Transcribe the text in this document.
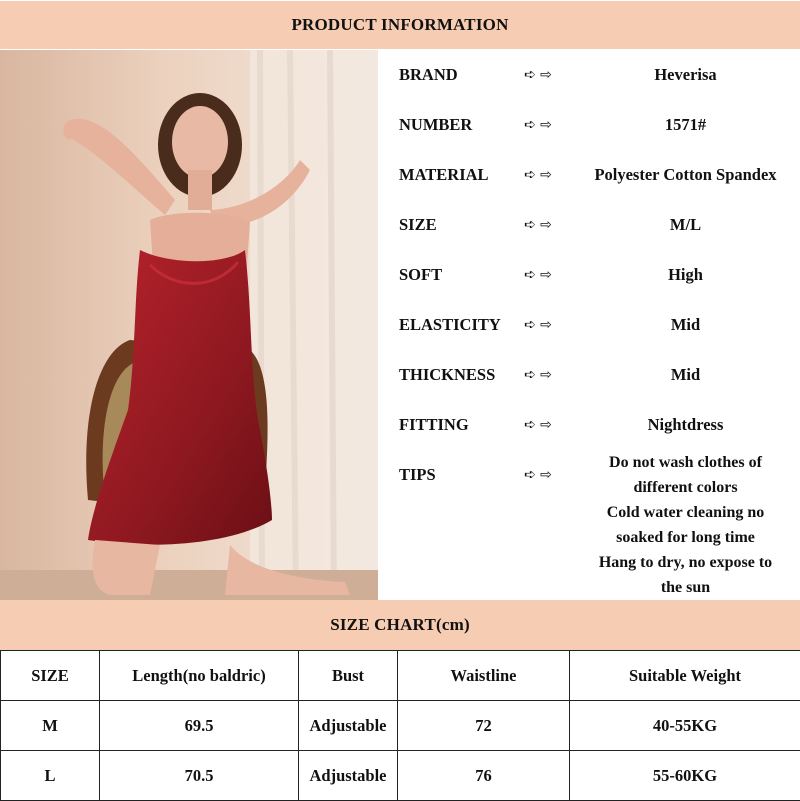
PRODUCT INFORMATION
BRAND	➪ ⇨	Heverisa
NUMBER	➪ ⇨	1571#
MATERIAL	➪ ⇨	Polyester Cotton Spandex
SIZE	➪ ⇨	M/L
SOFT	➪ ⇨	High
ELASTICITY ➪ ⇨	Mid
THICKNESS ➪ ⇨	Mid
FITTING	➪ ⇨	Nightdress
TIPS	➪ ⇨
Do not wash clothes of
different colors
Cold water cleaning no
soaked for long time
Hang to dry, no expose to
the sun
SIZE CHART(cm)
SIZE	Length(no baldric)	Bust	Waistline	Suitable Weight
M	69.5	Adjustable	72	40-55KG
L	70.5	Adjustable	76	55-60KG
